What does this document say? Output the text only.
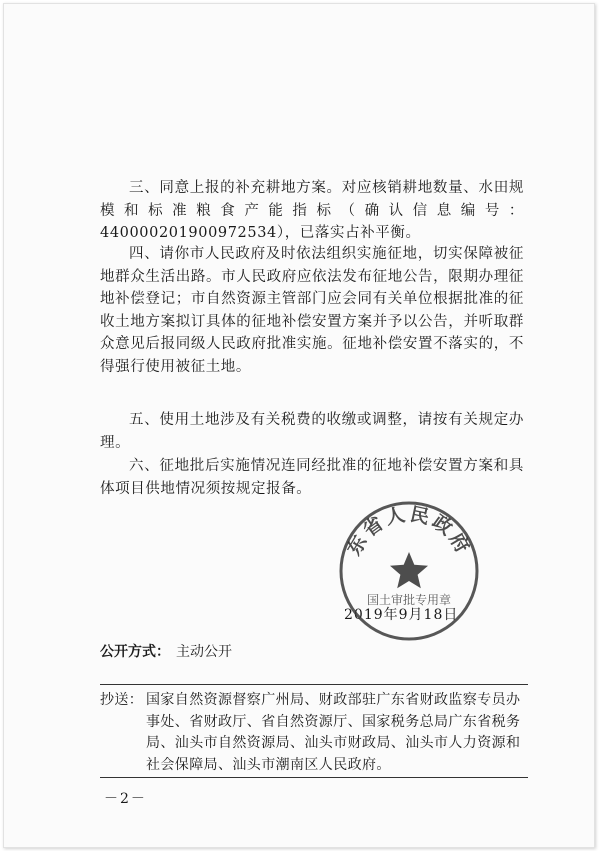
三、同意上报的补充耕地方案。对应核销耕地数量、水田规模和标准粮食产能指标（确认信息编号：440000201900972534），已落实占补平衡。

四、请你市人民政府及时依法组织实施征地，切实保障被征地群众生活出路。市人民政府应依法发布征地公告，限期办理征地补偿登记；市自然资源主管部门应会同有关单位根据批准的征收土地方案拟订具体的征地补偿安置方案并予以公告，并听取群众意见后报同级人民政府批准实施。征地补偿安置不落实的，不得强行使用被征土地。

五、使用土地涉及有关税费的收缴或调整，请按有关规定办理。

六、征地批后实施情况连同经批准的征地补偿安置方案和具体项目供地情况须按规定报备。

2019年9月18日
东省人民政府
国土审批专用章
公开方式： 主动公开
抄送： 国家自然资源督察广州局、财政部驻广东省财政监察专员办事处、省财政厅、省自然资源厅、国家税务总局广东省税务局、汕头市自然资源局、汕头市财政局、汕头市人力资源和社会保障局、汕头市潮南区人民政府。
－2－
